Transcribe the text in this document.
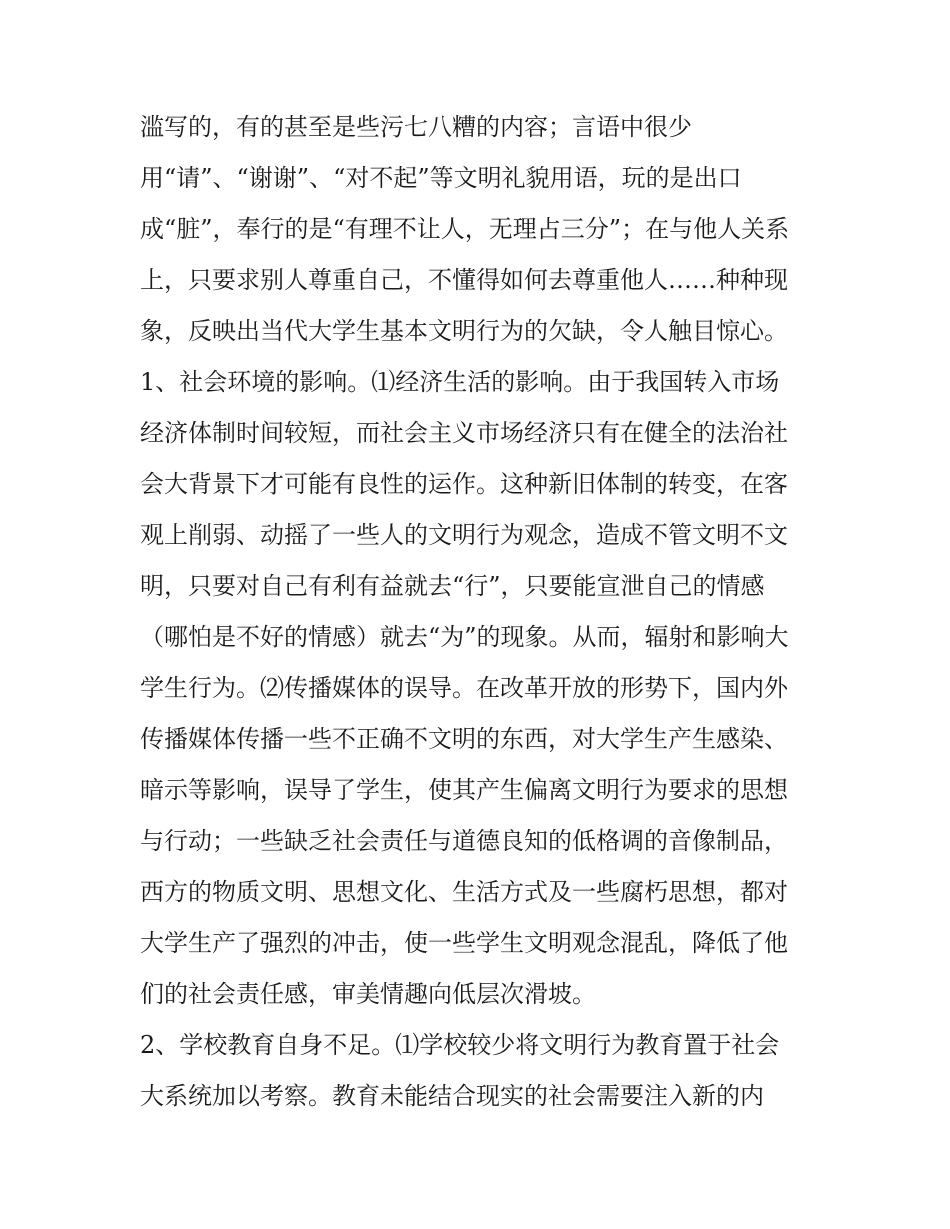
滥写的，有的甚至是些污七八糟的内容；言语中很少
用“请”、“谢谢”、“对不起”等文明礼貌用语，玩的是出口
成“脏”，奉行的是“有理不让人，无理占三分”；在与他人关系
上，只要求别人尊重自己，不懂得如何去尊重他人……种种现
象，反映出当代大学生基本文明行为的欠缺，令人触目惊心。
1、社会环境的影响。⑴经济生活的影响。由于我国转入市场
经济体制时间较短，而社会主义市场经济只有在健全的法治社
会大背景下才可能有良性的运作。这种新旧体制的转变，在客
观上削弱、动摇了一些人的文明行为观念，造成不管文明不文
明，只要对自己有利有益就去“行”，只要能宣泄自己的情感
（哪怕是不好的情感）就去“为”的现象。从而，辐射和影响大
学生行为。⑵传播媒体的误导。在改革开放的形势下，国内外
传播媒体传播一些不正确不文明的东西，对大学生产生感染、
暗示等影响，误导了学生，使其产生偏离文明行为要求的思想
与行动；一些缺乏社会责任与道德良知的低格调的音像制品，
西方的物质文明、思想文化、生活方式及一些腐朽思想，都对
大学生产了强烈的冲击，使一些学生文明观念混乱，降低了他
们的社会责任感，审美情趣向低层次滑坡。
2、学校教育自身不足。⑴学校较少将文明行为教育置于社会
大系统加以考察。教育未能结合现实的社会需要注入新的内
